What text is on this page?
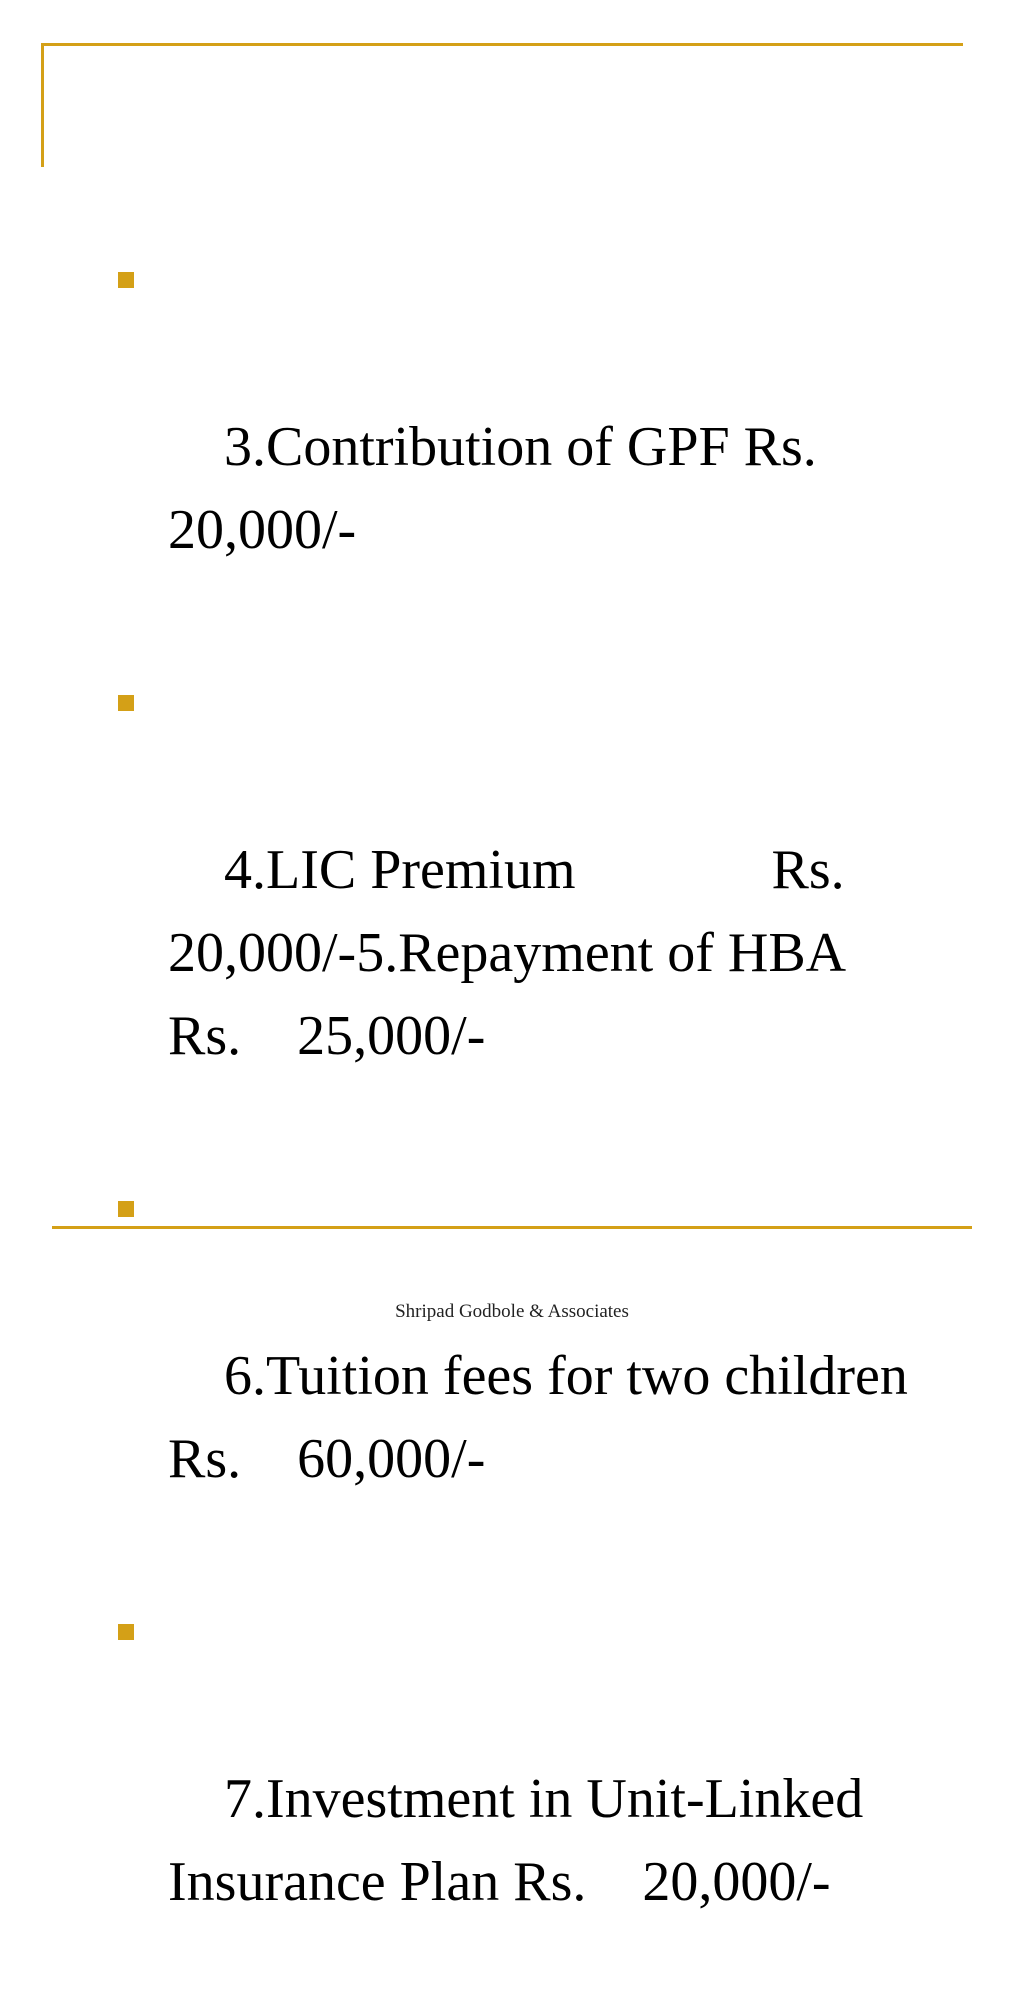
3.Contribution of GPF Rs. 20,000/-

4.LIC Premium              Rs. 20,000/-5.Repayment of HBA  Rs.    25,000/-

6.Tuition fees for two children Rs.    60,000/-

7.Investment in Unit-Linked Insurance Plan Rs.    20,000/-

Shripad Godbole & Associates
